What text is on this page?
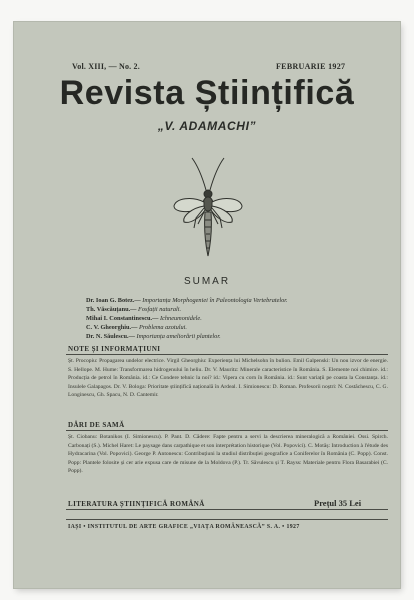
Vol. XIII, — No. 2.	FEBRUARIE 1927
Revista Științifică
„V. ADAMACHI”
SUMAR
Dr. Ioan G. Botez.— Importanța Morphogeniei în Paleontologia Vertebratelor.
Th. Văscăuțanu.— Fosfații naturali.
Mihai I. Constantinescu.— Ichneumonidele.
C. V. Gheorghiu.— Problema azotului.
Dr. N. Săulescu.— Importanța ameliorării plantelor.
NOTE ȘI INFORMAȚIUNI
Șt. Procopiu: Propagarea undelor electrice. Virgil Gheorghiu: Experiența lui Michelsohn în bulion. Emil Galpenski: Un nou izvor de energie. S. Hellope. M. Hume: Transformarea hidrogenului în heliu. Dr. V. Mauritz: Minerale caracteristice în România. S. Elemente noi chimice. id.: Producția de petrol în România. id.: Ce Condere tehnic la noi? id.: Vipera cu corn în România. id.: Sunt variații pe coasta la Constanța. id.: Insulele Galapagos. Dr. V. Bologa: Prioritate științifică națională în Ardeal. I. Simionescu: D. Roman. Profesorii noștri: N. Costăchescu, C. G. Longinescu, Gh. Spacu, N. D. Cantemir.
DĂRI DE SAMĂ
Șt. Ciobanu: Botanikos (I. Simionescu). P. Pant. D. Cădere: Fapte pentru a servi la descrierea mineralogică a României. Ossi. Spirch. Carbonați (S.). Michel Haret: Le paysage dans carpathique et son interprétation historique (Vol. Popovici). C. Motăș: Introduction à l'étude des Hydracarina (Vol. Popovici). George P. Antonescu: Contribuțiuni la studiul distribuției geografice a Coniferelor în România (C. Popp). Const. Popp: Plantele folosite și cer arie expusa care de misune de la Moldova (P.). Tr. Săvulescu și T. Rayss: Materiale pentru Flora Basarabiei (C. Popp).
LITERATURA ȘTIINȚIFICĂ ROMÂNĂ	Prețul 35 Lei
IAȘI • INSTITUTUL DE ARTE GRAFICE „VIAȚA ROMÂNEASCĂ” S. A. • 1927
